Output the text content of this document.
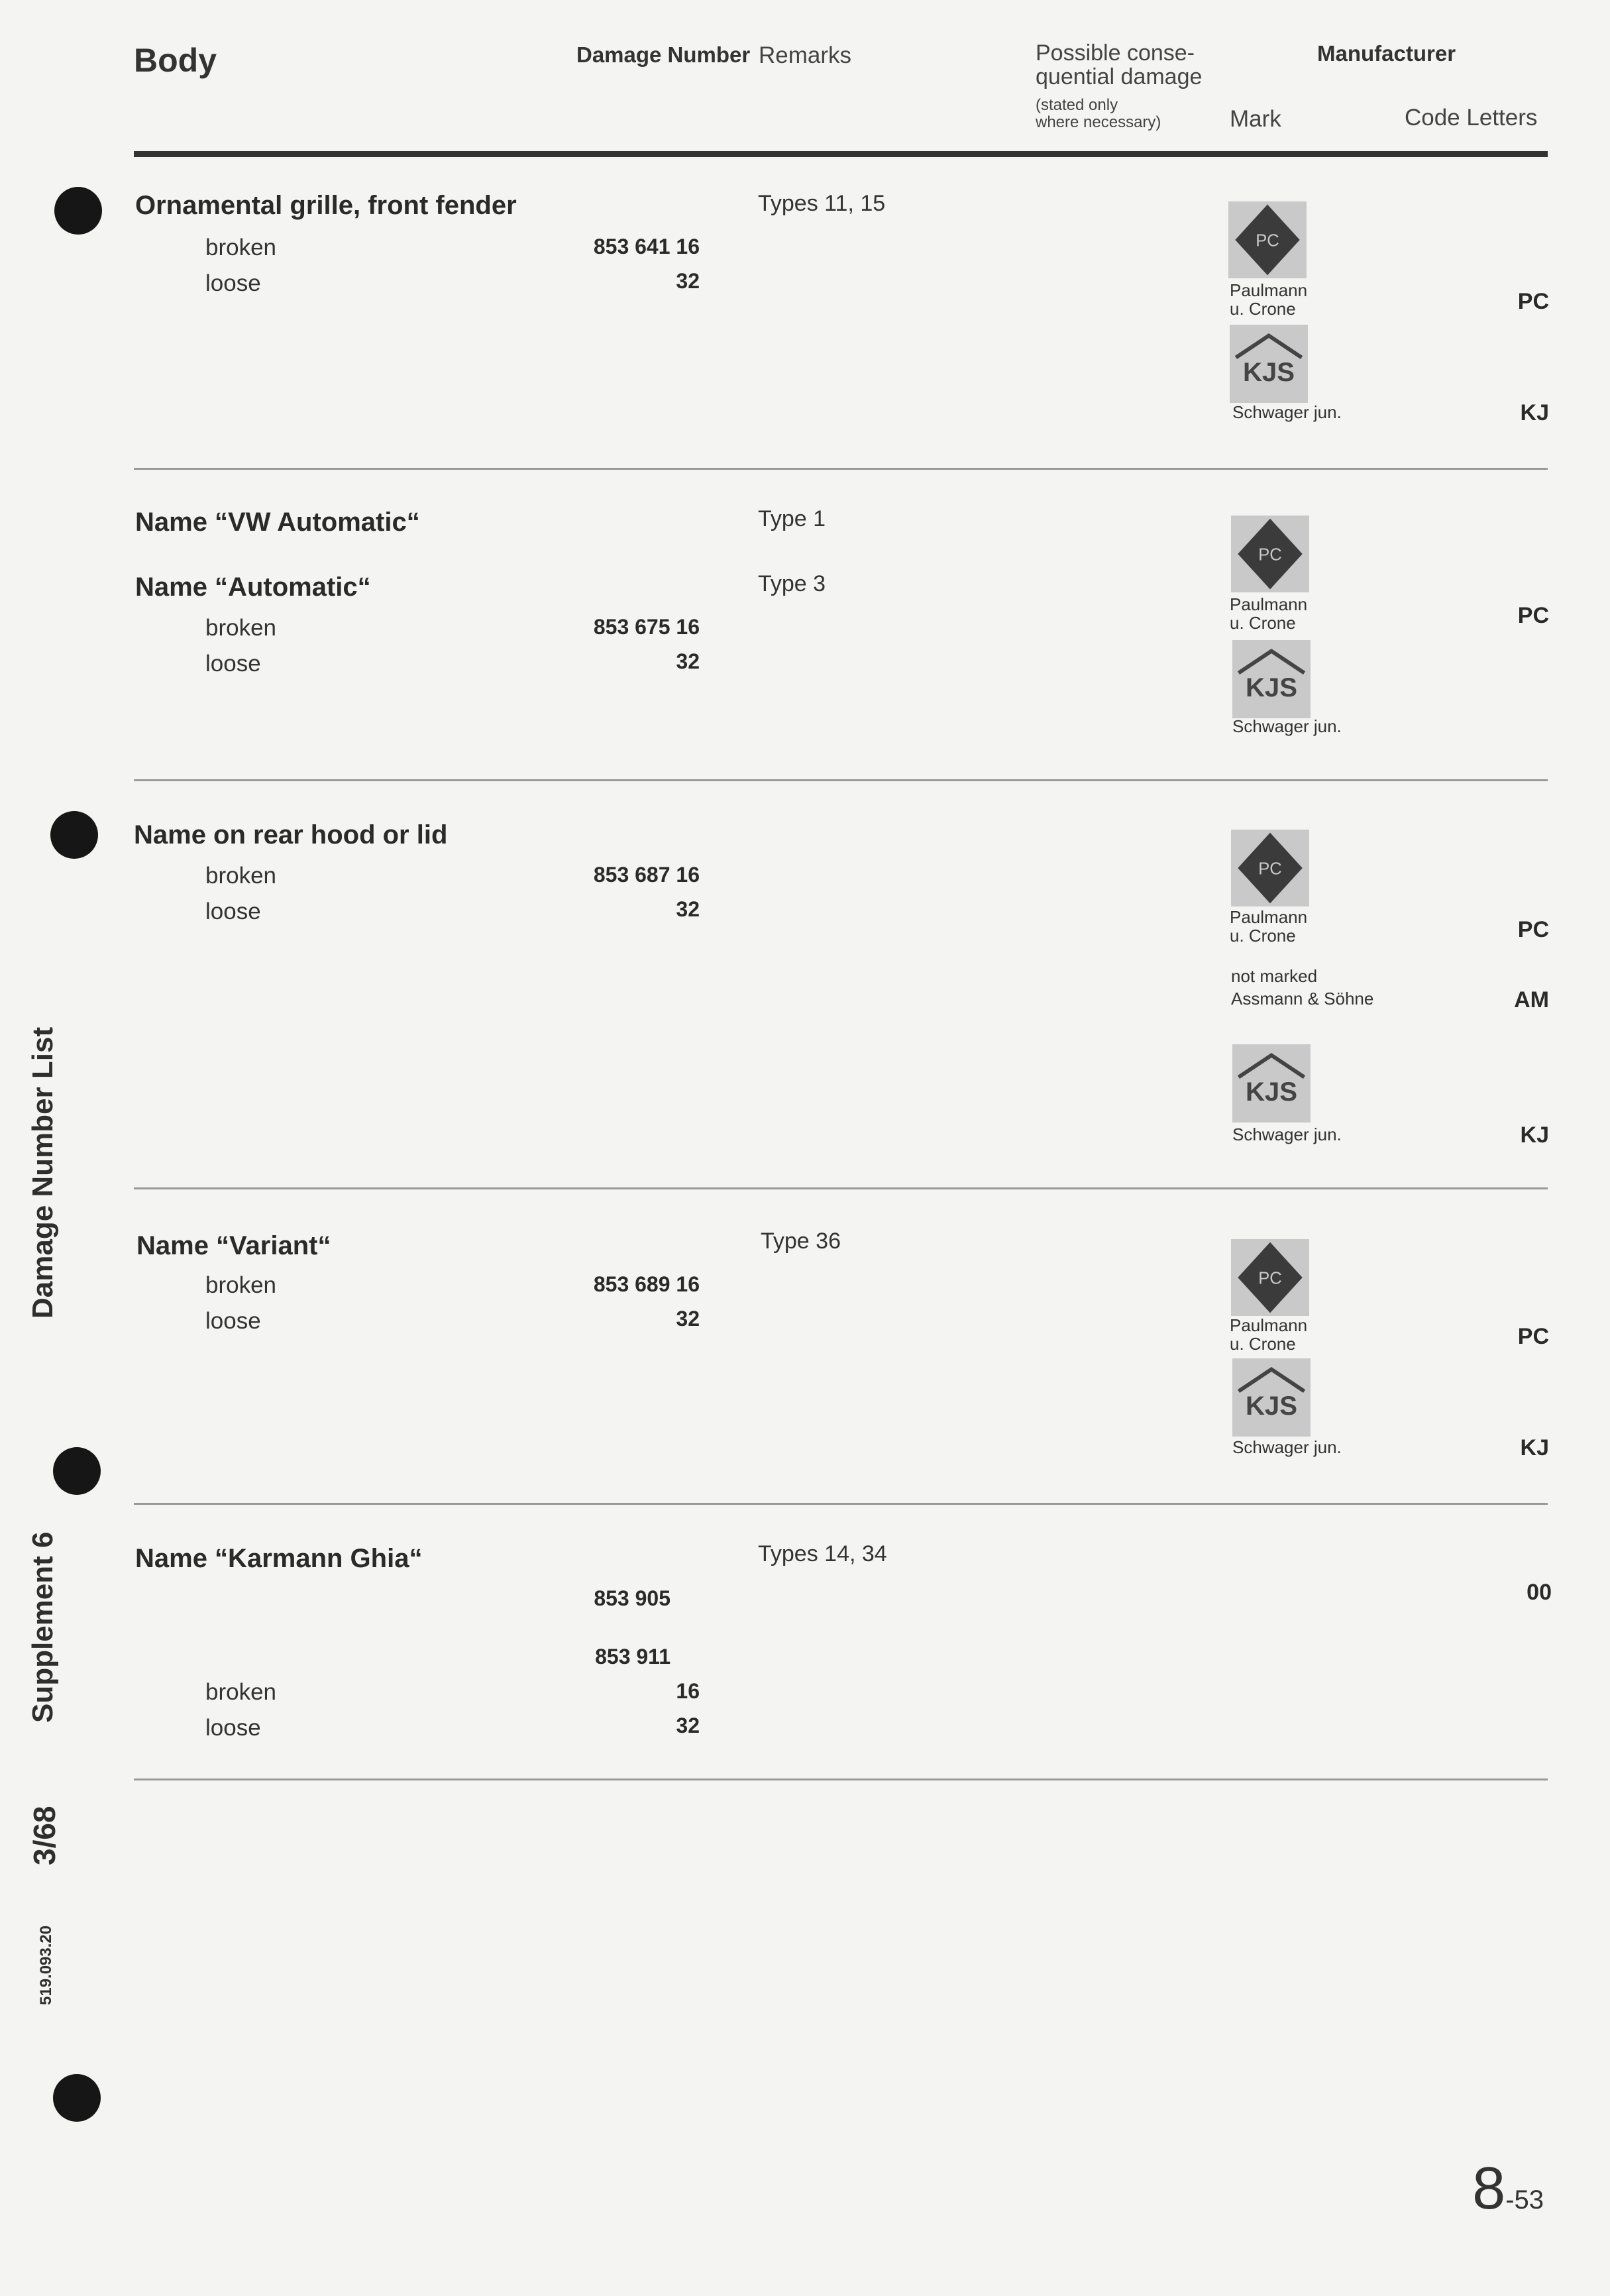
Body	Damage Number Remarks	Possible conse-
quential damage
(stated only
where necessary)
Manufacturer
Mark	Code Letters
Damage Number List
Supplement 6
3/68
519.093.20
Ornamental grille, front fender	Types 11, 15
broken	853 641 16
loose	32
PC
Paulmann
u. Crone	PC
KJS
Schwager jun.	KJ
Name “VW Automatic“	Type 1
Name “Automatic“	Type 3
broken	853 675 16
loose	32
PC
Paulmann
u. Crone	PC
KJS
Schwager jun.
Name on rear hood or lid
broken	853 687 16
loose	32
PC
Paulmann
u. Crone	PC
not marked
Assmann & Söhne	AM
KJS
Schwager jun.	KJ
Name “Variant“	Type 36
broken	853 689 16
loose	32
PC
Paulmann
u. Crone	PC
KJS
Schwager jun.	KJ
Name “Karmann Ghia“	Types 14, 34
853 905	00
853 911
broken	16
loose	32
8-53
